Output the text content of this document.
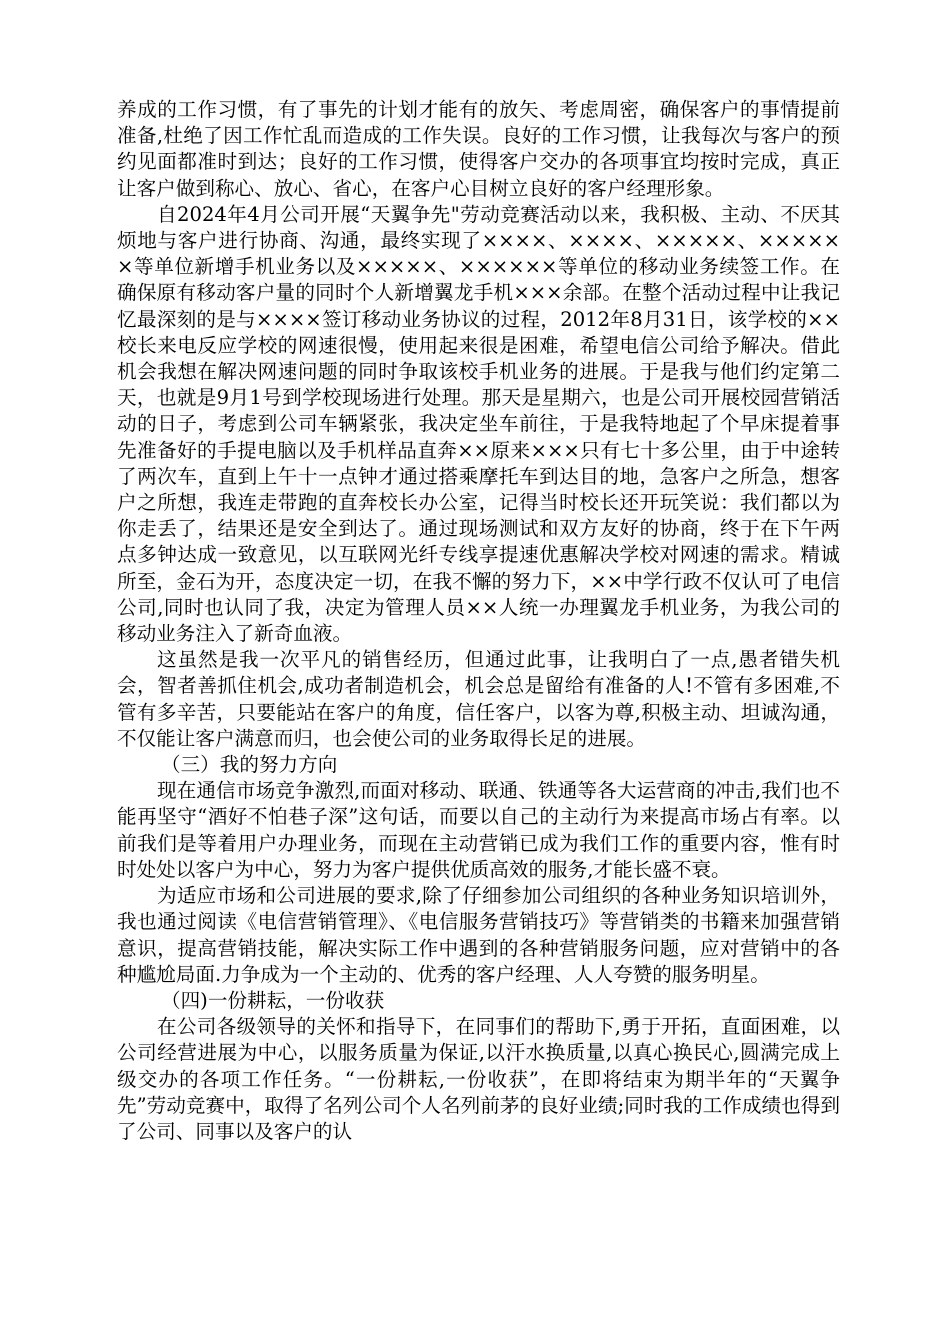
养成的工作习惯，有了事先的计划才能有的放矢、考虑周密，确保客户的事情提前准备,杜绝了因工作忙乱而造成的工作失误。良好的工作习惯，让我每次与客户的预约见面都准时到达；良好的工作习惯，使得客户交办的各项事宜均按时完成，真正让客户做到称心、放心、省心，在客户心目树立良好的客户经理形象。

自2024年4月公司开展“天翼争先"劳动竞赛活动以来，我积极、主动、不厌其烦地与客户进行协商、沟通，最终实现了××××、××××、×××××、××××××等单位新增手机业务以及×××××、××××××等单位的移动业务续签工作。在确保原有移动客户量的同时个人新增翼龙手机×××余部。在整个活动过程中让我记忆最深刻的是与××××签订移动业务协议的过程，2012年8月31日，该学校的××校长来电反应学校的网速很慢，使用起来很是困难，希望电信公司给予解决。借此机会我想在解决网速问题的同时争取该校手机业务的进展。于是我与他们约定第二天，也就是9月1号到学校现场进行处理。那天是星期六，也是公司开展校园营销活动的日子，考虑到公司车辆紧张，我决定坐车前往，于是我特地起了个早床提着事先准备好的手提电脑以及手机样品直奔××原来×××只有七十多公里，由于中途转了两次车，直到上午十一点钟才通过搭乘摩托车到达目的地，急客户之所急，想客户之所想，我连走带跑的直奔校长办公室，记得当时校长还开玩笑说：我们都以为你走丢了，结果还是安全到达了。通过现场测试和双方友好的协商，终于在下午两点多钟达成一致意见，以互联网光纤专线享提速优惠解决学校对网速的需求。精诚所至，金石为开，态度决定一切，在我不懈的努力下，××中学行政不仅认可了电信公司,同时也认同了我，决定为管理人员××人统一办理翼龙手机业务，为我公司的移动业务注入了新奇血液。

这虽然是我一次平凡的销售经历，但通过此事，让我明白了一点,愚者错失机会，智者善抓住机会,成功者制造机会，机会总是留给有准备的人!不管有多困难,不管有多辛苦，只要能站在客户的角度，信任客户，以客为尊,积极主动、坦诚沟通，不仅能让客户满意而归，也会使公司的业务取得长足的进展。

（三）我的努力方向

现在通信市场竞争激烈,而面对移动、联通、铁通等各大运营商的冲击,我们也不能再坚守“酒好不怕巷子深”这句话，而要以自己的主动行为来提高市场占有率。以前我们是等着用户办理业务，而现在主动营销已成为我们工作的重要内容，惟有时时处处以客户为中心，努力为客户提供优质高效的服务,才能长盛不衰。

为适应市场和公司进展的要求,除了仔细参加公司组织的各种业务知识培训外，我也通过阅读《电信营销管理》、《电信服务营销技巧》等营销类的书籍来加强营销意识，提高营销技能，解决实际工作中遇到的各种营销服务问题，应对营销中的各种尴尬局面.力争成为一个主动的、优秀的客户经理、人人夸赞的服务明星。

（四)一份耕耘，一份收获

在公司各级领导的关怀和指导下，在同事们的帮助下,勇于开拓，直面困难，以公司经营进展为中心，以服务质量为保证,以汗水换质量,以真心换民心,圆满完成上级交办的各项工作任务。“一份耕耘,一份收获”，在即将结束为期半年的“天翼争先”劳动竞赛中，取得了名列公司个人名列前茅的良好业绩;同时我的工作成绩也得到了公司、同事以及客户的认
